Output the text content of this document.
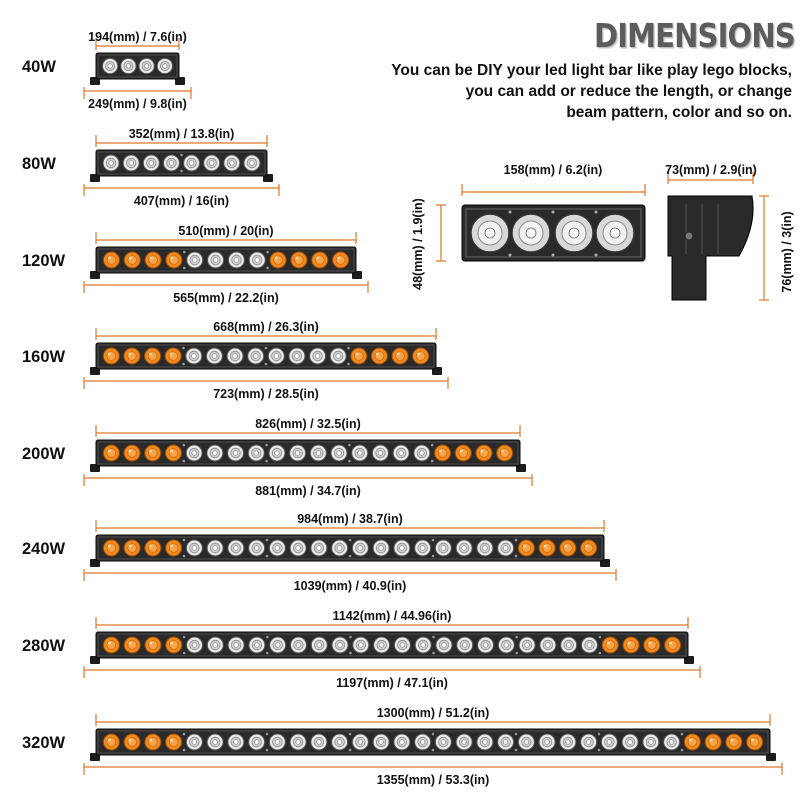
DIMENSIONS
You can be DIY your led light bar like play lego blocks,
you can add or reduce the length, or change
beam pattern, color and so on.
40W
194(mm) / 7.6(in)
249(mm) / 9.8(in)
80W
352(mm) / 13.8(in)
407(mm) / 16(in)
120W
510(mm) / 20(in)
565(mm) / 22.2(in)
160W
668(mm) / 26.3(in)
723(mm) / 28.5(in)
200W
826(mm) / 32.5(in)
881(mm) / 34.7(in)
240W
984(mm) / 38.7(in)
1039(mm) / 40.9(in)
280W
1142(mm) / 44.96(in)
1197(mm) / 47.1(in)
320W
1300(mm) / 51.2(in)
1355(mm) / 53.3(in)
158(mm) / 6.2(in)
48(mm) / 1.9(in)
73(mm) / 2.9(in)
76(mm) / 3(in)
